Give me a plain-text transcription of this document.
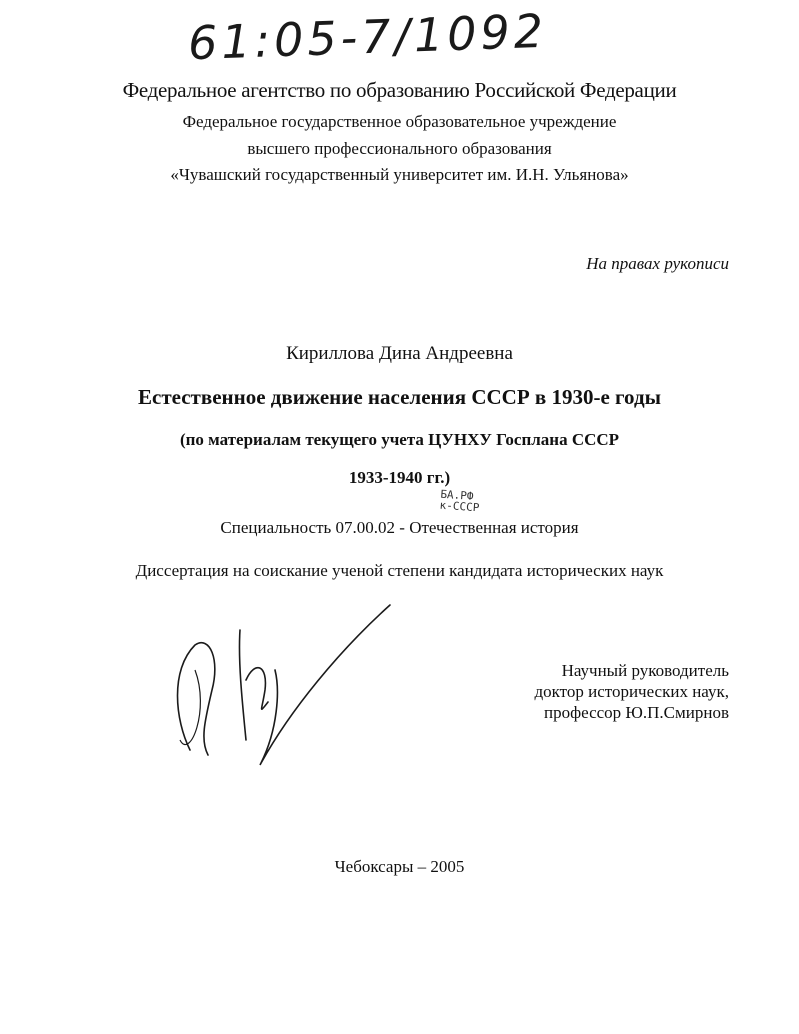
61:05-7/1092
Федеральное агентство по образованию Российской Федерации
Федеральное государственное образовательное учреждение
высшего профессионального образования
«Чувашский государственный университет им. И.Н. Ульянова»
На правах рукописи
Кириллова Дина Андреевна
Естественное движение населения СССР в 1930-е годы
(по материалам текущего учета ЦУНХУ Госплана СССР
1933-1940 гг.)
БА.РФ
к-СССР
Специальность 07.00.02 - Отечественная история
Диссертация на соискание ученой степени кандидата исторических наук
Научный руководитель
доктор исторических наук,
профессор Ю.П.Смирнов
Чебоксары – 2005
